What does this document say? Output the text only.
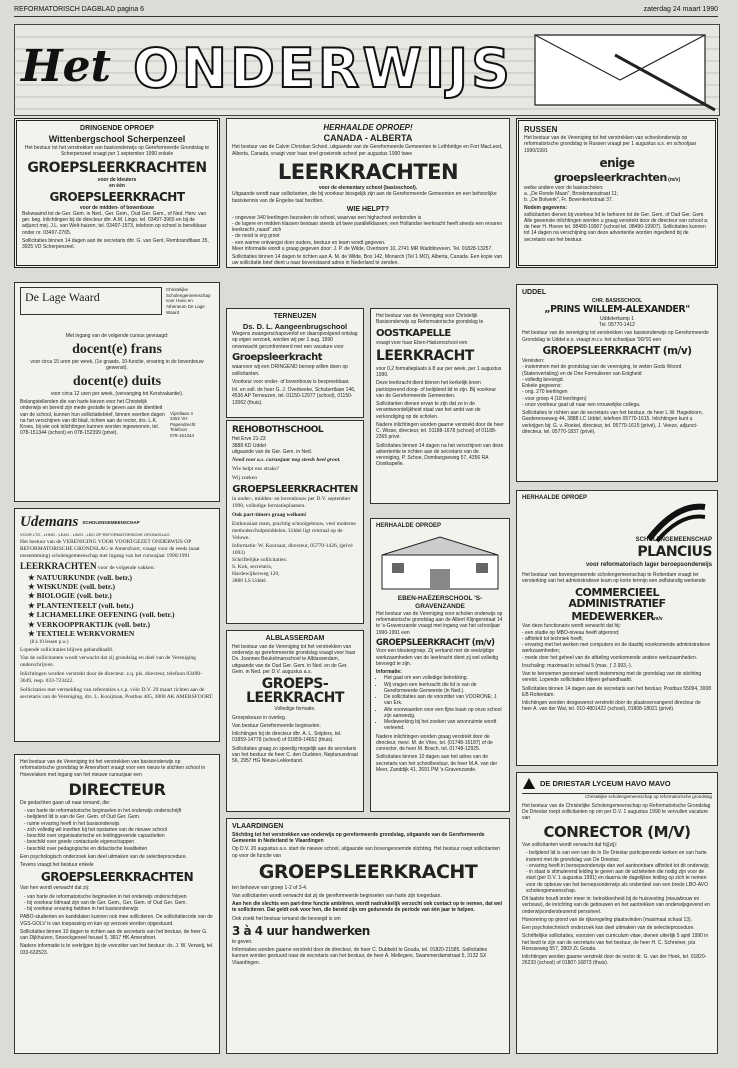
REFORMATORISCH DAGBLAD pagina 6	zaterdag 24 maart 1990
Het ONDERWIJS
DRINGENDE OPROEP
Wittenbergschool Scherpenzeel

Het bestuur tot het verstrekken van basisonderwijs op Gereformeerde Grondslag te Scherpenzeel vraagt per 1 september 1990 enkele

GROEPSLEERKRACHTEN
voor de kleuters
en één
GROEPSLEERKRACHT
voor de midden- of bovenbouw

Bekwaamd tot de Ger. Gem. in Ned., Ger. Gem., Oud Ger. Gem., of Ned. Herv. van ger. beg. Inlichtingen bij de directeur dhr. A.M. Lingo, tel. 03497-3965 en bij de adjunct mej. J.L. van Welt-huizen, tel. 03497-1573, telefoon op school is bereikbaar onder nr. 03497-2765.

Sollicitaties binnen 14 dagen aan de secretaris dhr. G. van Gent, Rembrandtlaan 35, 3925 VD Scherpenzeel.

HERHAALDE OPROEP!
CANADA - ALBERTA

Het bestuur van de Calvin Christian School, uitgaande van de Gereformeerde Gemeenten te Lethbridge en Fort MacLeod, Alberta, Canada, vraagt voor haar snel groeiende school per augustus 1990 twee

LEERKRACHTEN
voor de elementary school (basisschool).

Uitgaande wordt naar sollicitanten, die bij voorkeur biosgelijk zijn aan de Gereformeerde Gemeenten en een behoorlijke basiskennis van de Engelse taal bezitten.

WIE HELPT?
- ongeveer 340 leerlingen bezoeken de school, waarvan een highschool verbonden is
- de lagere en midden klassen bestaan steeds uit twee parallelklassen; een Hollandse leerkracht heeft steeds een ervaren leerkracht „naast" zich
- de nood is erg groot
- een warme ontvangst door ouders, bestuur en team wordt gegeven.

Meer informatie wordt u graag gegeven door: J. P. de Wilde, Overtoom 10, 2741 MR Waddinxveen. Tel. 01828-13257.

Sollicitaties binnen 14 dagen te richten aan A. M. de Wilde, Box 142, Monarch (Tel 1 MO), Alberta, Canada. Een kopie van uw sollicitatie brief dient u naar bovenstaand adres in Nederland te zenden.

RUSSEN

Het bestuur van de Vereniging tot het verstrekken van schoolonderwijs op reformatorische grondslag te Russen vraagt per 1 augustus a.s. en schooljaar 1990/1991

enige
groepsleerkrachten (m/v)

welke andere voor de basisscholen:
a. „De Ronde Maan", Broekmansstraat 11;
b. „De Bolwerk", Fr. Bovenkerkstraat 37.

Nodem gegevens:

sollicitanten dienen bij voorkeur lid te behoren tot de Ger. Gem. of Oud Ger. Gem. Alle gewenste inlichtingen worden u graag verstrekt door de directeur van school a: de heer H. Hoeve tel. 08490-19907 (school tel. 08490-19907). Sollicitaties kunnen tot 14 dagen na verschijning van deze advertentie worden ingediend bij de secretaris van het bestuur.

De Lage Waard
Christelijke Scholengemeenschap voor Havo en Atheneum De Lage Waard

Met ingang van de volgende cursus gevraagd:

docent(e) frans

voor circa 15 uren per week, (1e graads, 10-functie, ervaring in de bovenbouw gewenst).

docent(e) duits

voor circa 12 uren per week, (vervanging tot Kerstvakantie).

Belangstellenden die van harte kiezen voor het Christelijk onderwijs en bereid zijn mede gestalte te geven aan de identiteit van de school, kunnen hun sollicitatiebrief, binnen veertien dagen na het verschijnen van dit blad, richten aan de rector, drs. L.K. Kroes, bij wie ook inlichtingen kunnen worden ingewonnen, tel. 078-151344 (school) en 078-152399 (privé).

Vijzellaan 4
3352 VH
Papendrecht
Telefoon
078-151344
TERNEUZEN
Ds. D. L. Aangeenbrugschool

Wegens zwangerschapsverlof en daaropvolgend ontslag op eigen verzoek, worden wij per 1 aug. 1990 onverwacht geconfronteerd met een vacature voor

Groepsleerkracht

waarvoor wij een DRINGEND beroep willen doen op sollicitanten.

Voorkeur voor onder- of bovenbouw is bespreekbaar.

Inl. en soll. de heer G. J. Overbeeke, Schubertlaan 146, 4536 AP Terneuzen, tel. 01150-12977 (school), 01150-13062 (thuis).

REHOBOTHSCHOOL

Het Erve 21-23
3888 KD Uddel
uitgaande van de Ger. Gem. in Ned.

Nood voor a.s. cursusjaar nog steeds heel groot.

Wie helpt ons straks?

Wij zoeken

GROEPSLEERKRACHTEN

in onder-, midden- en bovenbouw per D.V. september 1990, volledige formatieplaatsen.

Ook part-timers graag welkom!

Enthousiast team, prachtig schoolgebouw, veel moderne methoden/hulpmiddelen. Uddel ligt centraal op de Veluwe.

Informatie: W. Koorsaar, directeur, 05770-1426, (privé 1693)
Schriftelijke sollicitaties:
S. Kok, secretaris,
Hardewijkerweg 120,
3888 LS Uddel.

Het bestuur van de Vereniging voor Christelijk Basisonderwijs op Reformatorische grondslag te

OOSTKAPELLE

vraagt voor haar Eben-Haëzerschool een

LEERKRACHT

voor 0,2 formatieplaats à 8 uur per week, per 1 augustus 1990.

Deze leerkracht dient binnen het kerkelijk leven participerend doop- of belijdend lid te zijn. Bij voorkeur van de Gereformeerde Gemeenten.

Sollicitanten dienen ervan te zijn dat ze in de verantwoordelijkheid staat van het ambt van de verkondiging op de scholen.

Nadere inlichtingen worden gaarne verstrekt door de heer C. Wisse, directeur, tel. 01188-1678 (school) of 01188-2365 privé.

Sollicitaties binnen 14 dagen na het verschijnen van deze advertentie te richten aan de secretaris van de vereniging, P. Schoe, Domburgseweg 57, 4356 RA Oostkapelle.

HERHAALDE OPROEP
EBEN-HAËZERSCHOOL 'S-GRAVENZANDE

Het bestuur van de Vereniging voor scholen onderwijs op reformatorische grondslag aan de Albert Klijngerstraat 14 te 's-Gravenzande vraagt met ingang van het schooljaar 1990-1991 een

GROEPSLEERKRACHT (m/v)

Voor een kleutergroep. Zij verband met de veelzijdige werkzaamheden van de leerkracht dient zij wel volledig bevoegd te zijn.

Informatie:
• Het gaat om een volledige betrekking.
• Wij vragen een leerkracht die lid is van de Gereformeerde Gemeente (in Ned.).
• De sollicitaties aan de voorzitter van VOORONE; J. van Erk.
• Alle voorwaarden voor een fijne baan op onze school zijn aanwezig.
• Medewerking bij het zoeken van woonruimte wordt verleend.

Nadere inlichtingen worden graag verstrekt door de directeur, mevr. M. de Vries, tel. (01748-15187) of de conrector, de heer M. Bosch, tel. 01748-12925.

Sollicitaties binnen 10 dagen aan het adres van de secretaris van het schoolbestuur, de heer M.A. van der Meer, Zanddijk 41, 2691 PM 's-Gravenzande.

UDDEL
CHR. BASISSCHOOL
„PRINS WILLEM-ALEXANDER"

Uddelerkamp 1
Tel. 05770-1412

Het bestuur van de vereniging tot verstrekken van basisonderwijs op Gereformeerde Grondslag te Uddel e.o. vraagt m.i.v. het schooljaar '90/'91 een

GROEPSLEERKRACHT (m/v)

Vereisten:
- instemmen met de grondslag van de vereniging, te weten Gods Woord (Statenvertaling) en de Drie Formulieren van Enigheid
- volledig bevoegd.
Enkele gegevens:
- ong. 270 leerlingen
- voor groep 4 (18 leerlingen)
- onze voorkeur gaat uit naar een vrouwelijke collega.

Sollicitaties te richten aan de secretaris van het bestuur, de heer L.W. Hagedoorn, Garderenseweg 44, 3888 LC Uddel, telefoon 05770-1615. Inlichtingen kunt u verkrijgen bij: G. v. Roekel, directeur, tel. 05770-1615 (privé), J. Veeze, adjunct-directeur, tel. 05770-1837 (privé).

Udemans SCHOLENGEMEENSCHAP
VOOR LTO - LHNO - LEAO - LAVO - LBO OP REFORMATORISCHE GRONDSLAG

Het bestuur van de VERENIGING VOOR VOORTGEZET ONDERWIJS OP REFORMATORISCHE GRONDSLAG te Amersfoort, vraagt voor de reeds (naar toestemming) scholengemeenschap met ingang van het cursusjaar 1990/1991

LEERKRACHTEN voor de volgende vakken:
★ NATUURKUNDE (voll. betr.)
★ WISKUNDE (voll. betr.)
★ BIOLOGIE (voll. betr.)
★ PLANTENTEELT (voll. betr.)
★ LICHAMELIJKE OEFENING (voll. betr.)
★ VERKOOPPRAKTIJK (voll. betr.)
★ TEXTIELE WERKVORMEN
(8 à 10 lessen p.w.)

Lopende sollicitaties blijven gehandhaafd.

Van de sollicitanten wordt verwacht dat zij grondslag en doel van de Vereniging onderschrijven.

Inlichtingen worden verstrekt door de directeur. z.q. pls. directeur, telefoon 03490-3649, resp. 033-723422.

Sollicitaties met vermelding van referenties s.v.p. vóór D.V. 29 maart richten aan de secretaris van de Vereniging, drs. L. Kooijman, Postbus 405, 3800 AK AMERSFOORT.

ALBLASSERDAM

Het bestuur van de Vereniging tot het verstrekken van onderwijs op gereformeerde grondslag vraagt voor haar Ds. Joannes Beukelmanschool te Alblasserdam, uitgaande van de Oud Ger. Gem. in Ned. en de Ger. Gem. in Ned. per D.V. augustus a.s.

GROEPS-
LEERKRACHT

Volledige formatie.

Groepskeuze in overleg.

Van bestuur Gereformeerde beginselen.

Inlichtingen bij de directeur dhr. A. L. Snijders, tel. 01859-14778 (school) of 01859-14652 (thuis).

Sollicitaties graag zo spoedig mogelijk aan de secretaris van het bestuur de heer C. den Oudsten, Neptunusstraat 56, 2957 HG Nieuw-Lekkerland.

HERHAALDE OPROEP
SCHOLENGEMEENSCHAP
PLANCIUS
voor reformatorisch lager beroepsonderwijs

Het bestuur van bovengenoemde scholengemeenschap te Rotterdam vraagt ter versterking van het administratieve team op korte termijn een zelfstandig werkende

COMMERCIEEL
ADMINISTRATIEF
MEDEWERKERm/v

Van deze functionaris wordt verwacht dat hij:
- een studie op MBO-niveau heeft afgerond;
- affiniteit tot techniek heeft;
- ervaring met het werken met computers en de daarbij voorkomende administratieve werkzaamheden;
- mede door het geheel van de afdeling voorkomende andere werkzaamheden.

Inschaling: maximaal in schaal 5 (max. ƒ 2.993,-).

Van te benoemen personeel wordt instemming met de grondslag van de stichting vereist. Lopende sollicitaties blijven gehandhaafd.

Sollicitaties binnen 14 dagen aan de secretaris van het bestuur, Postbus 55094, 3008 EB Rotterdam.

Inlichtingen worden desgewenst verstrekt door de plaatsvervangend directeur de heer A. van der Wal, tel. 010-4801422 (school), 01808-18021 (privé).

Het bestuur van de Vereniging tot het verstrekken van basisonderwijs op reformatorische grondslag te Amersfoort vraagt voor een nieuw te stichten school in Hoevelaken met ingang van het nieuwe cursusjaar een

DIRECTEUR

De gedachten gaan uit naar iemand, die:

- van harte de reformatorische beginselen in het onderwijs onderschrijft
- belijdend lid is van de Ger. Gem. of Oud Ger. Gem.
- ruime ervaring heeft in het basisonderwijs
- zich volledig wil inzetten bij het opstarten van de nieuwe school
- beschikt over organisatorische en leidinggevende capaciteiten
- beschikt over goede contactuele eigenschappen
- beschikt over pedagogische en didactische kwaliteiten

Een psychologisch onderzoek kan deel uitmaken van de selectieprocedure.

Tevens vraagt het bestuur enkele

GROEPSLEERKRACHTEN

Van hen wordt verwacht dat zij:

- van harte de reformatorische beginselen in het onderwijs onderschrijven
- bij voorkeur lidmaat zijn van de Ger. Gem., Ger. Gem. of Oud Ger. Gem.
- bij voorkeur ervaring hebben in het basisonderwijs

PABO-studenten en kandidaten kunnen ook mee solliciteren. De sollicitatiecode van de VGS-GOLV is van toepassing en kan op verzoek worden opgestuurd.

Sollicitaties binnen 10 dagen te richten aan de secretaris van het bestuur, de heer G. van Dijkhuizen, Snoeckgeneel heuvel 5, 3817 HK Amersfoort.

Nadere informatie is te verkrijgen bij de voorzitter van het bestuur: ds. J. W. Verweij, tel. 033-632523.

VLAARDINGEN

Stichting tot het verstrekken van onderwijs op gereformeerde grondslag, uitgaande van de Gereformeerde Gemeente in Nederland te Vlaardingen

Op D.V. 20 augustus a.s. start de nieuwe school, uitgaande van bovengenoemde stichting. Het bestuur roept sollicitanten op voor de functie van

GROEPSLEERKRACHT

ten behoeve van groep 1-2 of 3-4.

Van sollicitanten wordt verwacht dat zij de gereformeerde beginselen van harte zijn toegedaan.

Aan hen die slechts een part-time functie ambiëren, wordt nadrukkelijk verzocht ook contact op te nemen, dat wel te solliciteren. Dat geldt ook voor hen, die bereid zijn om gedurende de periode van één jaar te helpen.

Ook zoekt het bestuur iemand die bevoegd is om

3 à 4 uur handwerken

te geven.

Informaties worden gaarne verstrekt door de directeur, de heer C. Dubbeld te Gouda, tel. 01820-21585. Sollicitaties kunnen worden gestuurd naar de secretaris van het bestuur, de heer A. Mellegers, Swammerdamstraat 5, 3132 SX Vlaardingen.

DE DRIESTAR LYCEUM HAVO MAVO
Christelijke scholengemeenschap op reformatorische grondslag

Het bestuur van de Christelijke Scholengemeenschap op Reformatorische Grondslag De Driestar roept sollicitanten op om per D.V. 1 augustus 1990 te vervullen vacature van

CONRECTOR (M/V)

Van sollicitanten wordt verwacht dat hij(zij):

- belijdend lid is van een van de in De Driestar participerende kerken en van harte instemt met de grondslag van De Driestar;
- ervaring heeft in beroepsonderwijs dan wel aantoonbare affiniteit tot dit onderwijs;
- in staat is stimulerend leiding te geven aan de activiteiten die nodig zijn voor de start (per D.V. 1 augustus 1991) en daarna de dagelijkse leiding op zich te nemen voor de opbouw van het beroepsonderwijs als onderdeel van een brede LBO-AVO scholengemeenschap.

Dit laatste houdt onder meer in: betrokkenheid bij de huisvesting (nieuwbouw en verbouw), de inrichting van de gebouwen en het aantrekken van onderwijsgevend en onderwijsondersteunend personeel.

Honorering op grond van de rijksregeling plaatsvinden (maximaal schaal 13).

Een psychotechnisch onderzoek kan deel uitmaken van de selectieprocedure.

Schriftelijke sollicitaties, voorzien van curriculum vitae, dienen uiterlijk 5 april 1990 in het bezit te zijn van de secretaris van het bestuur, de heer H. C. Schreiner, p/a Ronsseweg 557, 2803 ZL Gouda.

Inlichtingen worden gaarne verstrekt door de rector dr. G. van der Hoek, tel. 01820-26233 (school) of 01807-16873 (thuis).
